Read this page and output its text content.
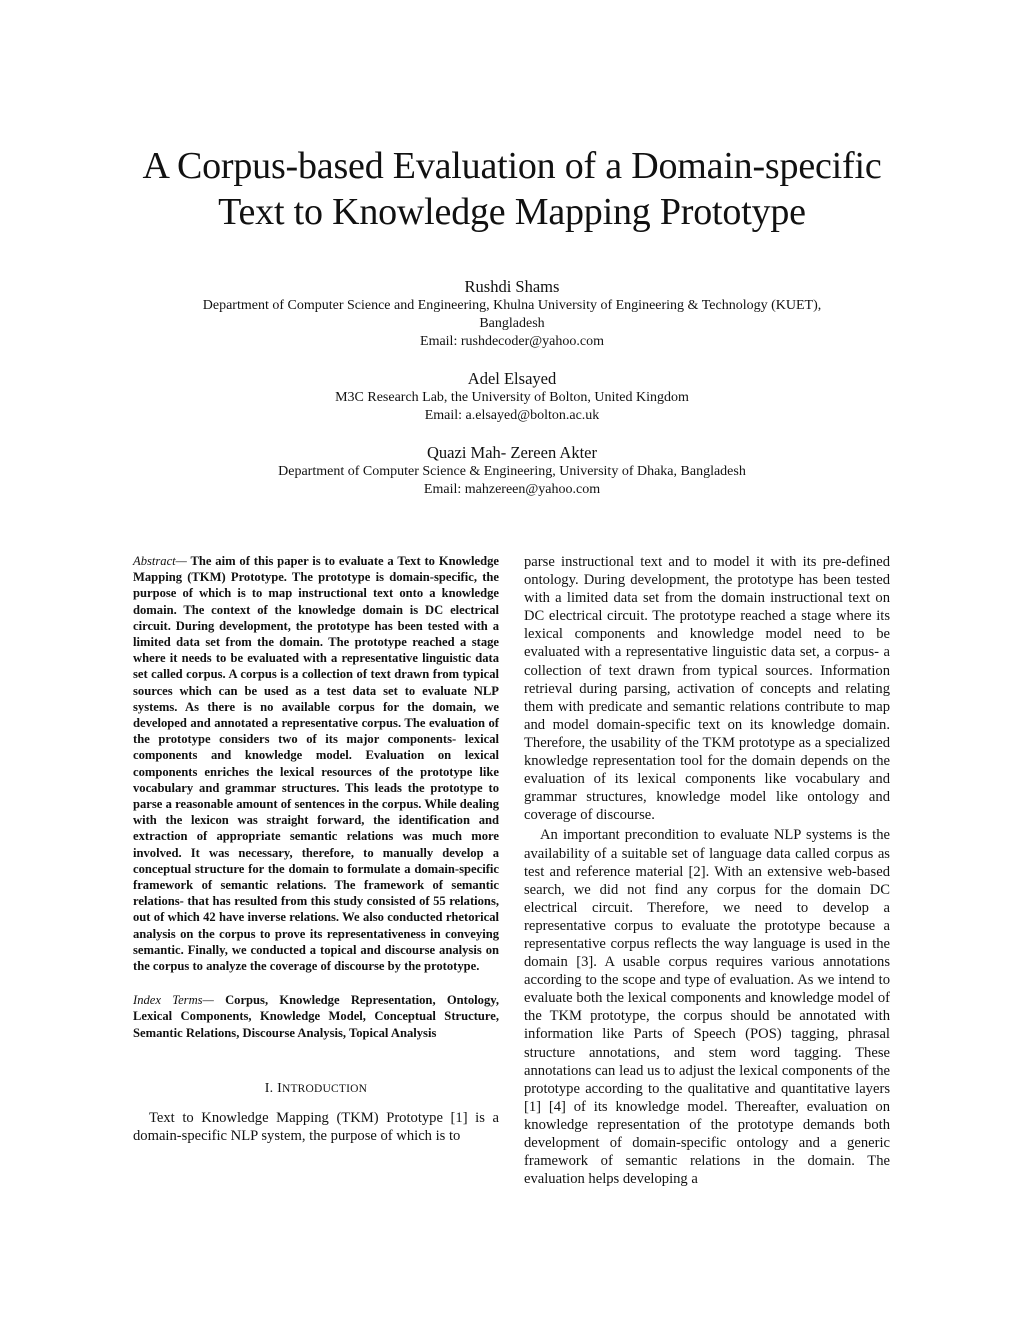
A Corpus-based Evaluation of a Domain-specific
Text to Knowledge Mapping Prototype
Rushdi Shams
Department of Computer Science and Engineering, Khulna University of Engineering & Technology (KUET),
Bangladesh
Email: rushdecoder@yahoo.com
Adel Elsayed
M3C Research Lab, the University of Bolton, United Kingdom
Email: a.elsayed@bolton.ac.uk
Quazi Mah- Zereen Akter
Department of Computer Science & Engineering, University of Dhaka, Bangladesh
Email: mahzereen@yahoo.com

Abstract— The aim of this paper is to evaluate a Text to Knowledge Mapping (TKM) Prototype. The prototype is domain-specific, the purpose of which is to map instructional text onto a knowledge domain. The context of the knowledge domain is DC electrical circuit. During development, the prototype has been tested with a limited data set from the domain. The prototype reached a stage where it needs to be evaluated with a representative linguistic data set called corpus. A corpus is a collection of text drawn from typical sources which can be used as a test data set to evaluate NLP systems. As there is no available corpus for the domain, we developed and annotated a representative corpus. The evaluation of the prototype considers two of its major components- lexical components and knowledge model. Evaluation on lexical components enriches the lexical resources of the prototype like vocabulary and grammar structures. This leads the prototype to parse a reasonable amount of sentences in the corpus. While dealing with the lexicon was straight forward, the identification and extraction of appropriate semantic relations was much more involved. It was necessary, therefore, to manually develop a conceptual structure for the domain to formulate a domain-specific framework of semantic relations. The framework of semantic relations- that has resulted from this study consisted of 55 relations, out of which 42 have inverse relations. We also conducted rhetorical analysis on the corpus to prove its representativeness in conveying semantic. Finally, we conducted a topical and discourse analysis on the corpus to analyze the coverage of discourse by the prototype.

Index Terms— Corpus, Knowledge Representation, Ontology, Lexical Components, Knowledge Model, Conceptual Structure, Semantic Relations, Discourse Analysis, Topical Analysis

I. INTRODUCTION

Text to Knowledge Mapping (TKM) Prototype [1] is a domain-specific NLP system, the purpose of which is to

parse instructional text and to model it with its pre-defined ontology. During development, the prototype has been tested with a limited data set from the domain instructional text on DC electrical circuit. The prototype reached a stage where its lexical components and knowledge model need to be evaluated with a representative linguistic data set, a corpus- a collection of text drawn from typical sources. Information retrieval during parsing, activation of concepts and relating them with predicate and semantic relations contribute to map and model domain-specific text on its knowledge domain. Therefore, the usability of the TKM prototype as a specialized knowledge representation tool for the domain depends on the evaluation of its lexical components like vocabulary and grammar structures, knowledge model like ontology and coverage of discourse.

An important precondition to evaluate NLP systems is the availability of a suitable set of language data called corpus as test and reference material [2]. With an extensive web-based search, we did not find any corpus for the domain DC electrical circuit. Therefore, we need to develop a representative corpus to evaluate the prototype because a representative corpus reflects the way language is used in the domain [3]. A usable corpus requires various annotations according to the scope and type of evaluation. As we intend to evaluate both the lexical components and knowledge model of the TKM prototype, the corpus should be annotated with information like Parts of Speech (POS) tagging, phrasal structure annotations, and stem word tagging. These annotations can lead us to adjust the lexical components of the prototype according to the qualitative and quantitative layers [1] [4] of its knowledge model. Thereafter, evaluation on knowledge representation of the prototype demands both development of domain-specific ontology and a generic framework of semantic relations in the domain. The evaluation helps developing a
